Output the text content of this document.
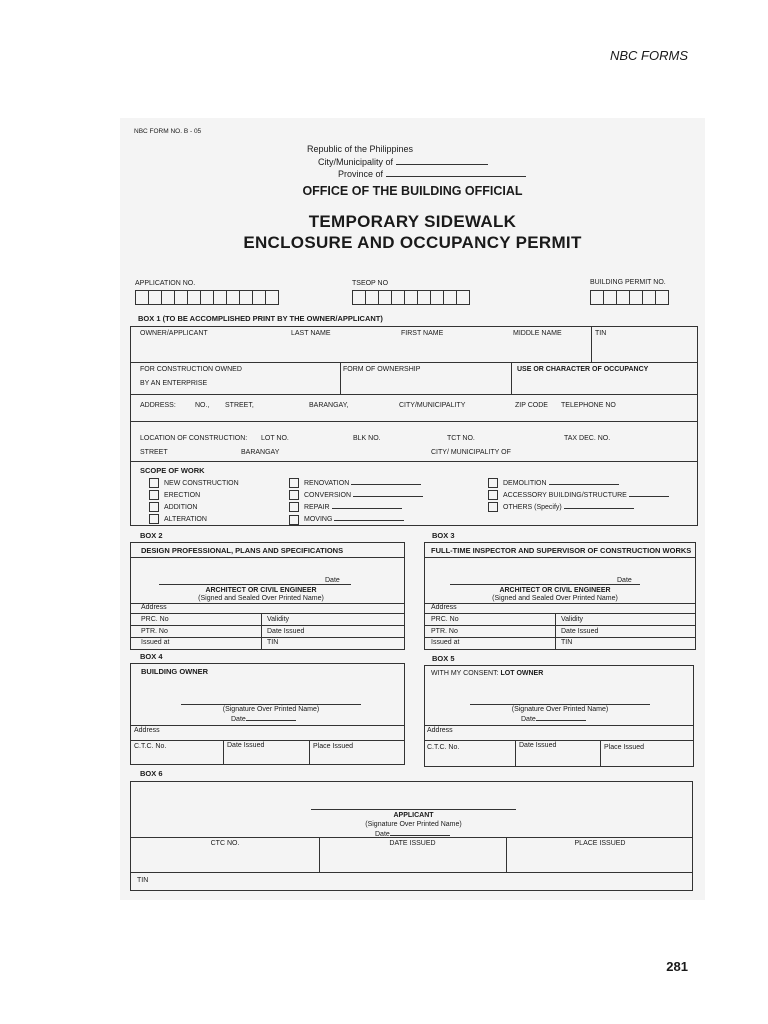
NBC FORMS
NBC FORM NO. B - 05
Republic of the Philippines
City/Municipality of
Province of
OFFICE OF THE BUILDING OFFICIAL
TEMPORARY SIDEWALK
ENCLOSURE AND OCCUPANCY PERMIT
APPLICATION NO.	TSEOP NO	BUILDING PERMIT NO.
BOX 1 (TO BE ACCOMPLISHED PRINT BY THE OWNER/APPLICANT)
OWNER/APPLICANT	LAST NAME	FIRST NAME	MIDDLE NAME	TIN
FOR CONSTRUCTION OWNED
BY AN ENTERPRISE
FORM OF OWNERSHIP	USE OR CHARACTER OF OCCUPANCY
ADDRESS:	NO., STREET,	BARANGAY,	CITY/MUNICIPALITY	ZIP CODE TELEPHONE NO
LOCATION OF CONSTRUCTION: LOT NO.	BLK NO.	TCT NO.	TAX DEC. NO.
STREET	BARANGAY	CITY/ MUNICIPALITY OF
SCOPE OF WORK
NEW CONSTRUCTION
ERECTION
ADDITION
ALTERATION
RENOVATION
CONVERSION
REPAIR
MOVING
DEMOLITION
ACCESSORY BUILDING/STRUCTURE
OTHERS (Specify)
BOX 2
DESIGN PROFESSIONAL, PLANS AND SPECIFICATIONS
Date
ARCHITECT OR CIVIL ENGINEER
(Signed and Sealed Over Printed Name)
Address
PRC. No	Validity
PTR. No	Date Issued
Issued at	TIN
BOX 3
FULL-TIME INSPECTOR AND SUPERVISOR OF CONSTRUCTION WORKS
Date
ARCHITECT OR CIVIL ENGINEER
(Signed and Sealed Over Printed Name)
Address
PRC. No	Validity
PTR. No	Date Issued
Issued at	TIN
BOX 4
BUILDING OWNER
(Signature Over Printed Name)
Date
Address
C.T.C. No.	Date Issued	Place Issued
BOX 5
WITH MY CONSENT: LOT OWNER
(Signature Over Printed Name)
Date
Address
C.T.C. No.	Date Issued	Place Issued
BOX 6
APPLICANT
(Signature Over Printed Name)
Date
CTC NO.	DATE ISSUED	PLACE ISSUED
TIN
281
